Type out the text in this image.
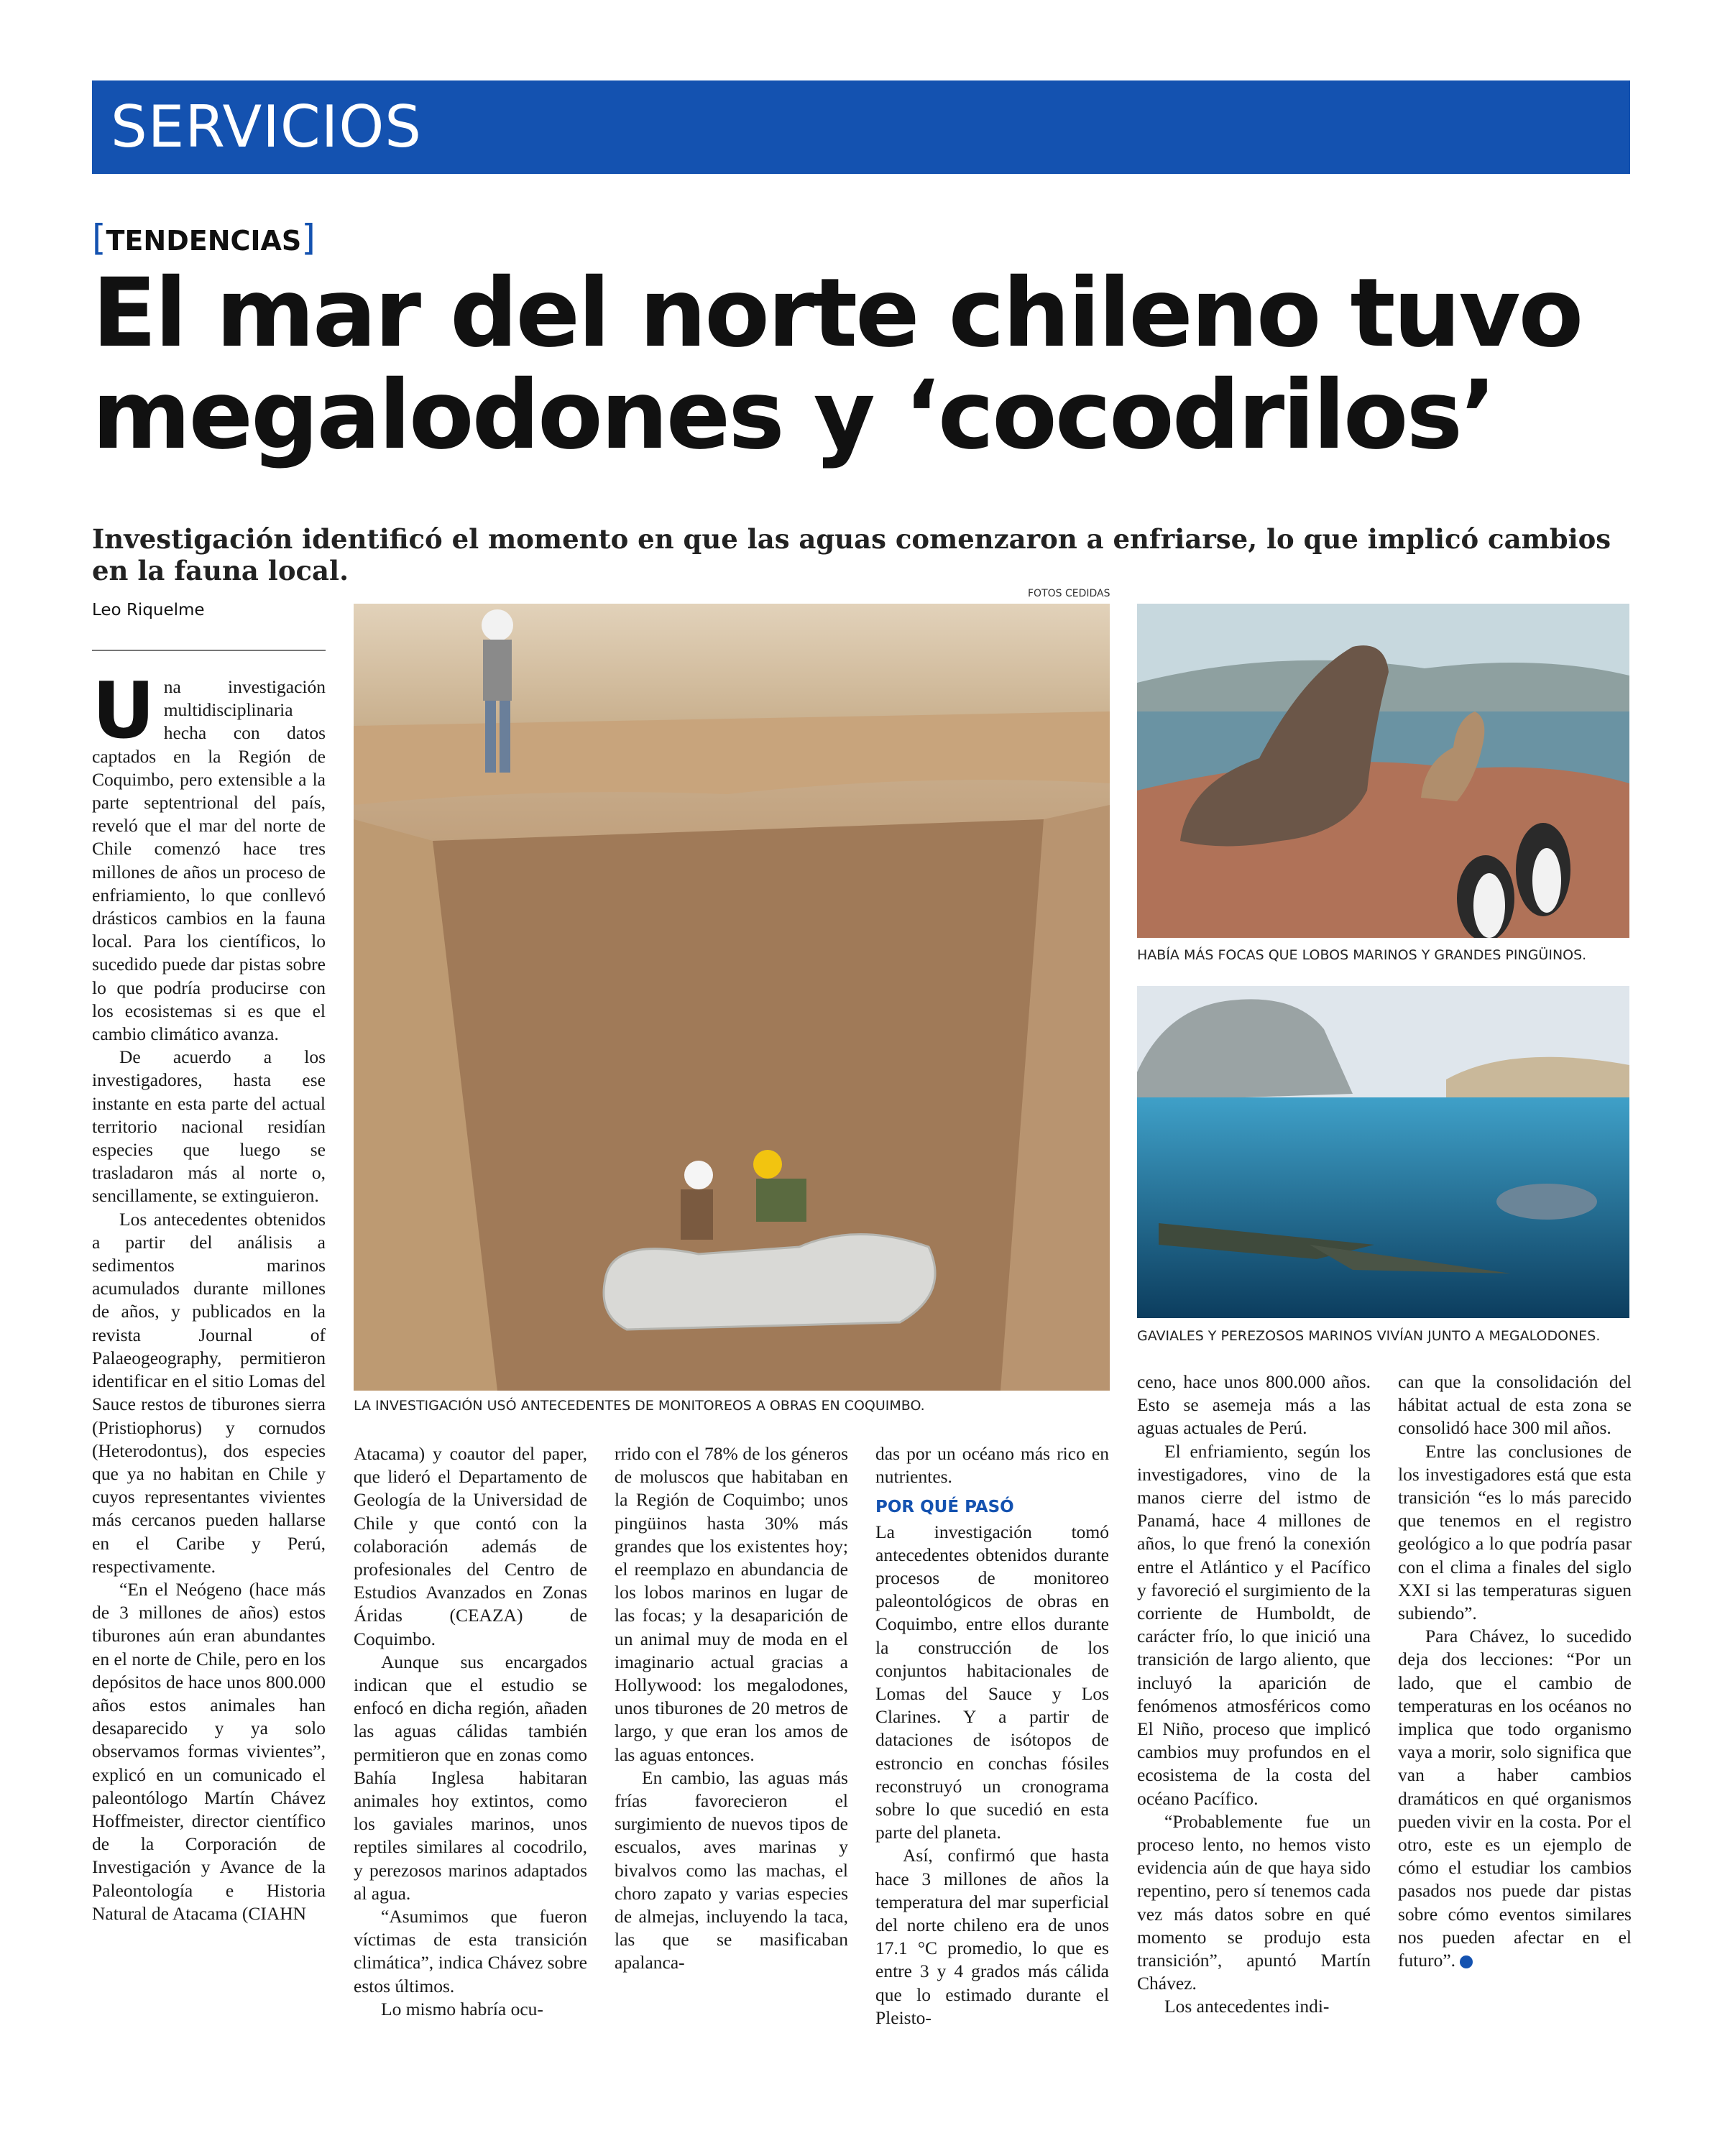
SERVICIOS
[TENDENCIAS]
El mar del norte chileno tuvo megalodones y ‘cocodrilos’
Investigación identificó el momento en que las aguas comenzaron a enfriarse, lo que implicó cambios en la fauna local.
Leo Riquelme
FOTOS CEDIDAS
LA INVESTIGACIÓN USÓ ANTECEDENTES DE MONITOREOS A OBRAS EN COQUIMBO.
HABÍA MÁS FOCAS QUE LOBOS MARINOS Y GRANDES PINGÜINOS.
GAVIALES Y PEREZOSOS MARINOS VIVÍAN JUNTO A MEGALODONES.

Una investigación multidisciplinaria hecha con datos captados en la Región de Coquimbo, pero extensible a la parte septentrional del país, reveló que el mar del norte de Chile comenzó hace tres millones de años un proceso de enfriamiento, lo que conllevó drásticos cambios en la fauna local. Para los científicos, lo sucedido puede dar pistas sobre lo que podría producirse con los ecosistemas si es que el cambio climático avanza.

De acuerdo a los investigadores, hasta ese instante en esta parte del actual territorio nacional residían especies que luego se trasladaron más al norte o, sencillamente, se extinguieron.

Los antecedentes obtenidos a partir del análisis a sedimentos marinos acumulados durante millones de años, y publicados en la revista Journal of Palaeogeography, permitieron identificar en el sitio Lomas del Sauce restos de tiburones sierra (Pristiophorus) y cornudos (Heterodontus), dos especies que ya no habitan en Chile y cuyos representantes vivientes más cercanos pueden hallarse en el Caribe y Perú, respectivamente.

“En el Neógeno (hace más de 3 millones de años) estos tiburones aún eran abundantes en el norte de Chile, pero en los depósitos de hace unos 800.000 años estos animales han desaparecido y ya solo observamos formas vivientes”, explicó en un comunicado el paleontólogo Martín Chávez Hoffmeister, director científico de la Corporación de Investigación y Avance de la Paleontología e Historia Natural de Atacama (CIAHN

Atacama) y coautor del paper, que lideró el Departamento de Geología de la Universidad de Chile y que contó con la colaboración además de profesionales del Centro de Estudios Avanzados en Zonas Áridas (CEAZA) de Coquimbo.

Aunque sus encargados indican que el estudio se enfocó en dicha región, añaden las aguas cálidas también permitieron que en zonas como Bahía Inglesa habitaran animales hoy extintos, como los gaviales marinos, unos reptiles similares al cocodrilo, y perezosos marinos adaptados al agua.

“Asumimos que fueron víctimas de esta transición climática”, indica Chávez sobre estos últimos.

Lo mismo habría ocu-

rrido con el 78% de los géneros de moluscos que habitaban en la Región de Coquimbo; unos pingüinos hasta 30% más grandes que los existentes hoy; el reemplazo en abundancia de los lobos marinos en lugar de las focas; y la desaparición de un animal muy de moda en el imaginario actual gracias a Hollywood: los megalodones, unos tiburones de 20 metros de largo, y que eran los amos de las aguas entonces.

En cambio, las aguas más frías favorecieron el surgimiento de nuevos tipos de escualos, aves marinas y bivalvos como las machas, el choro zapato y varias especies de almejas, incluyendo la taca, las que se masificaban apalanca-

das por un océano más rico en nutrientes.

POR QUÉ PASÓ

La investigación tomó antecedentes obtenidos durante procesos de monitoreo paleontológicos de obras en Coquimbo, entre ellos durante la construcción de los conjuntos habitacionales de Lomas del Sauce y Los Clarines. Y a partir de dataciones de isótopos de estroncio en conchas fósiles reconstruyó un cronograma sobre lo que sucedió en esta parte del planeta.

Así, confirmó que hasta hace 3 millones de años la temperatura del mar superficial del norte chileno era de unos 17.1 °C promedio, lo que es entre 3 y 4 grados más cálida que lo estimado durante el Pleisto-

ceno, hace unos 800.000 años. Esto se asemeja más a las aguas actuales de Perú.

El enfriamiento, según los investigadores, vino de la manos cierre del istmo de Panamá, hace 4 millones de años, lo que frenó la conexión entre el Atlántico y el Pacífico y favoreció el surgimiento de la corriente de Humboldt, de carácter frío, lo que inició una transición de largo aliento, que incluyó la aparición de fenómenos atmosféricos como El Niño, proceso que implicó cambios muy profundos en el ecosistema de la costa del océano Pacífico.

“Probablemente fue un proceso lento, no hemos visto evidencia aún de que haya sido repentino, pero sí tenemos cada vez más datos sobre en qué momento se produjo esta transición”, apuntó Martín Chávez.

Los antecedentes indi-

can que la consolidación del hábitat actual de esta zona se consolidó hace 300 mil años.

Entre las conclusiones de los investigadores está que esta transición “es lo más parecido que tenemos en el registro geológico a lo que podría pasar con el clima a finales del siglo XXI si las temperaturas siguen subiendo”.

Para Chávez, lo sucedido deja dos lecciones: “Por un lado, que el cambio de temperaturas en los océanos no implica que todo organismo vaya a morir, solo significa que van a haber cambios dramáticos en qué organismos pueden vivir en la costa. Por el otro, este es un ejemplo de cómo el estudiar los cambios pasados nos puede dar pistas sobre cómo eventos similares nos pueden afectar en el futuro”.	✪
